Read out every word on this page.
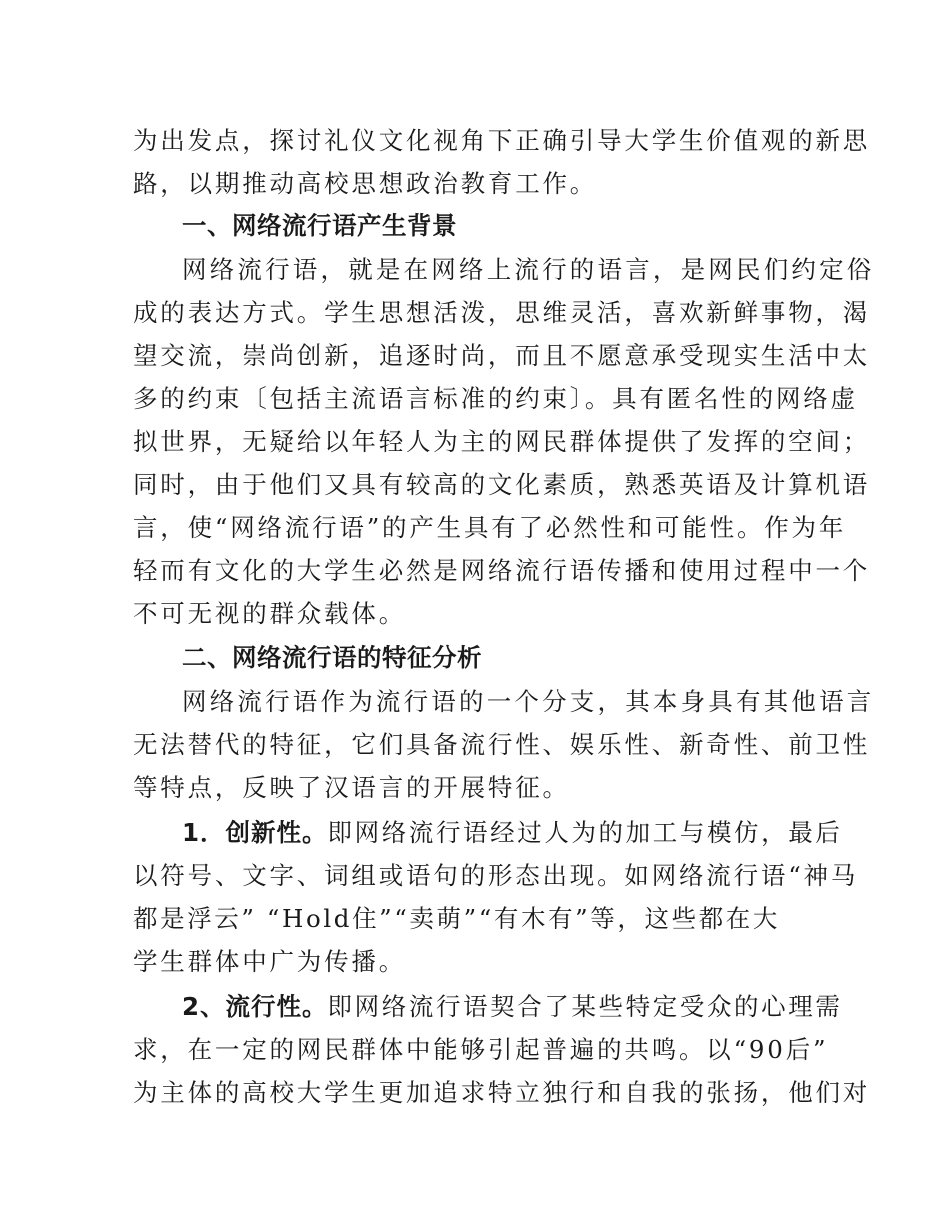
为出发点，探讨礼仪文化视角下正确引导大学生价值观的新思
路，以期推动高校思想政治教育工作。
一、网络流行语产生背景
网络流行语，就是在网络上流行的语言，是网民们约定俗
成的表达方式。学生思想活泼，思维灵活，喜欢新鲜事物，渴
望交流，崇尚创新，追逐时尚，而且不愿意承受现实生活中太
多的约束〔包括主流语言标准的约束〕。具有匿名性的网络虚
拟世界，无疑给以年轻人为主的网民群体提供了发挥的空间；
同时，由于他们又具有较高的文化素质，熟悉英语及计算机语
言，使“网络流行语”的产生具有了必然性和可能性。作为年
轻而有文化的大学生必然是网络流行语传播和使用过程中一个
不可无视的群众载体。
二、网络流行语的特征分析
网络流行语作为流行语的一个分支，其本身具有其他语言
无法替代的特征，它们具备流行性、娱乐性、新奇性、前卫性
等特点，反映了汉语言的开展特征。
1．创新性。即网络流行语经过人为的加工与模仿，最后
以符号、文字、词组或语句的形态出现。如网络流行语“神马
都是浮云” “Hold住”“卖萌”“有木有”等，这些都在大
学生群体中广为传播。
2、流行性。即网络流行语契合了某些特定受众的心理需
求，在一定的网民群体中能够引起普遍的共鸣。以“90后”
为主体的高校大学生更加追求特立独行和自我的张扬，他们对
